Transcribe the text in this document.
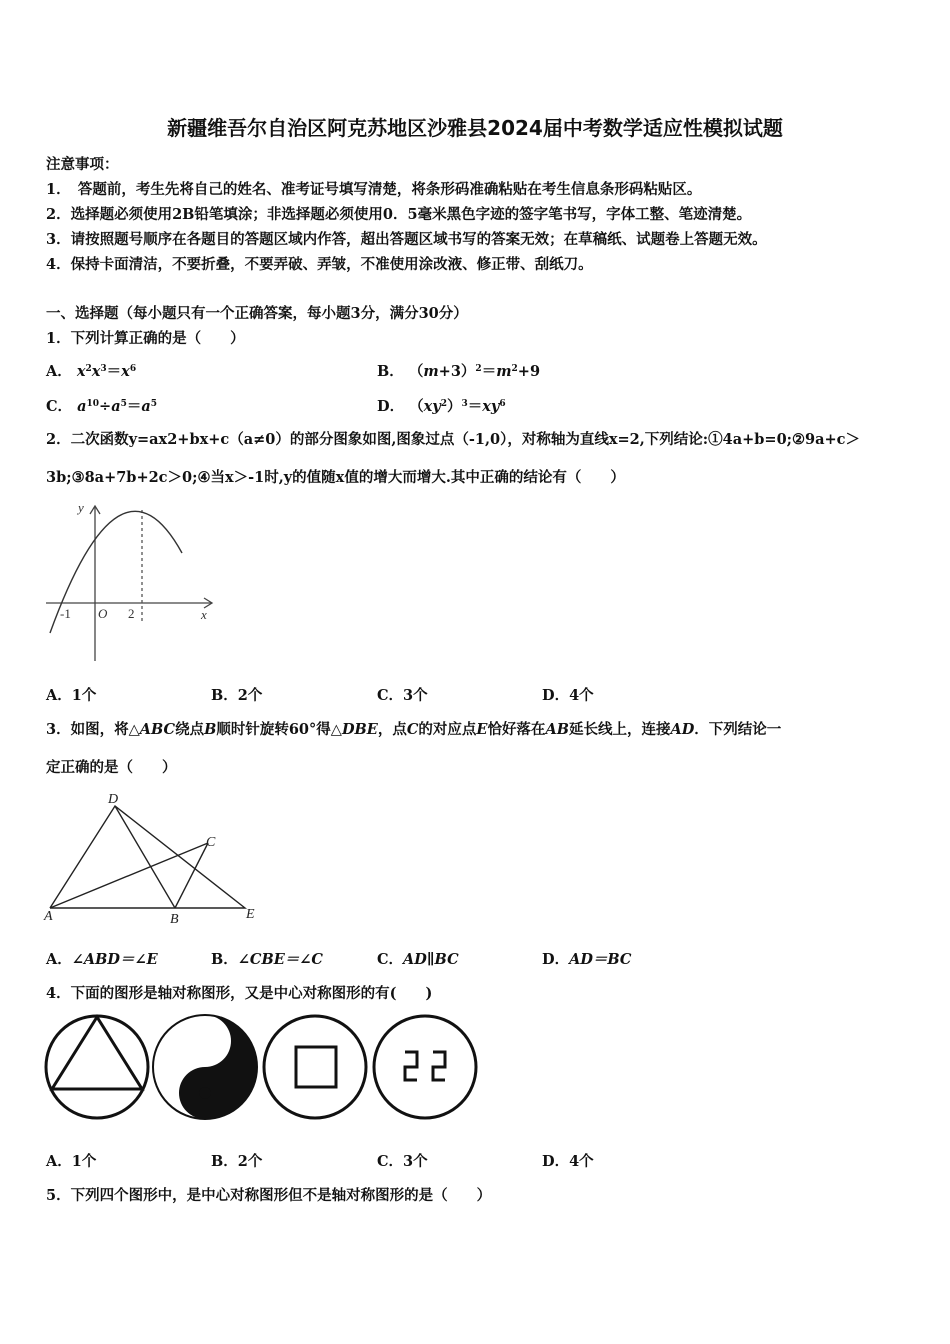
新疆维吾尔自治区阿克苏地区沙雅县2024届中考数学适应性模拟试题
注意事项：
1．　答题前，考生先将自己的姓名、准考证号填写清楚，将条形码准确粘贴在考生信息条形码粘贴区。
2．选择题必须使用2B铅笔填涂；非选择题必须使用0．5毫米黑色字迹的签字笔书写，字体工整、笔迹清楚。
3．请按照题号顺序在各题目的答题区域内作答，超出答题区域书写的答案无效；在草稿纸、试题卷上答题无效。
4．保持卡面清洁，不要折叠，不要弄破、弄皱，不准使用涂改液、修正带、刮纸刀。
一、选择题（每小题只有一个正确答案，每小题3分，满分30分）
1．下列计算正确的是（　　）
A． $x^2x^3=x^6$	B． $(m+3)^2=m^2+9$
C． $a^{10}\div a^5=a^5$	D． $(xy^2)^3=xy^6$
2．二次函数y=ax2+bx+c（a≠0）的部分图象如图,图象过点（-1,0），对称轴为直线x=2,下列结论:①4a+b=0;②9a+c＞
3b;③8a+7b+2c＞0;④当x＞-1时,y的值随x值的增大而增大.其中正确的结论有（　　）
y
x
-1 O 2
A．1个	B．2个	C．3个	D．4个
3．如图，将△ABC绕点B顺时针旋转60°得△DBE，点C的对应点E恰好落在AB延长线上，连接AD．下列结论一
定正确的是（　　）
D
C
A	B	E
A．∠ABD＝∠E	B．∠CBE＝∠C	C．AD∥BC	D．AD＝BC
4．下面的图形是轴对称图形，又是中心对称图形的有(　　)
A．1个	B．2个	C．3个	D．4个
5．下列四个图形中，是中心对称图形但不是轴对称图形的是（　　）
